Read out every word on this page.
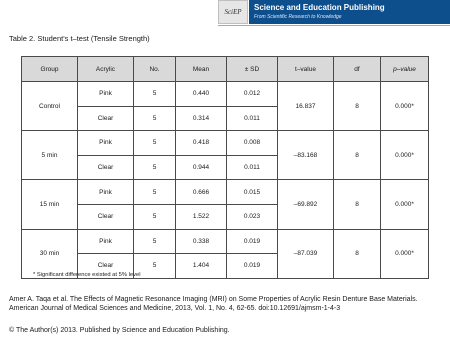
SciEP	Science and Education Publishing
From Scientific Research to Knowledge
Table 2. Student's t–test (Tensile Strength)
Group	Acrylic	No.	Mean	± SD	t–value	df	p–value
Control	Pink	5	0.440	0.012	16.837	8	0.000*
	Clear	5	0.314	0.011			
5 min	Pink	5	0.418	0.008	–83.168	8	0.000*
	Clear	5	0.944	0.011			
15 min	Pink	5	0.666	0.015	–69.892	8	0.000*
	Clear	5	1.522	0.023			
30 min	Pink	5	0.338	0.019	–87.039	8	0.000*
	Clear	5	1.404	0.019			
* Significant difference existed at 5% level
Amer A. Taqa et al. The Effects of Magnetic Resonance Imaging (MRI) on Some Properties of Acrylic Resin Denture Base Materials. American Journal of Medical Sciences and Medicine, 2013, Vol. 1, No. 4, 62-65. doi:10.12691/ajmsm-1-4-3
© The Author(s) 2013. Published by Science and Education Publishing.
